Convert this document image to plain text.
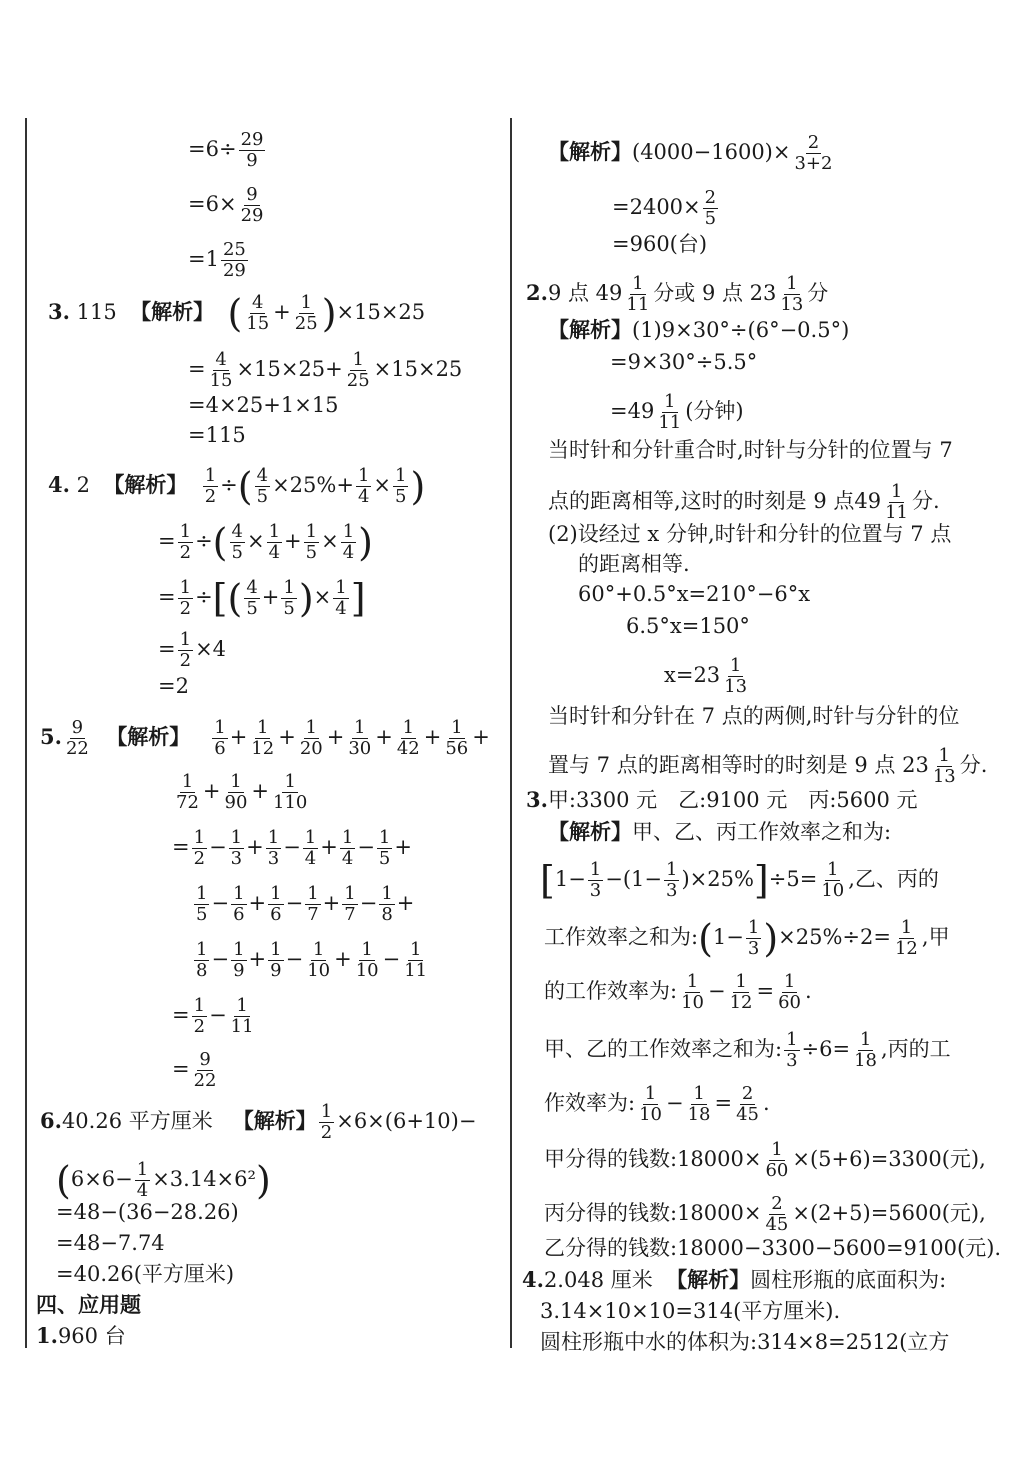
$=6\div \frac{29}{9}$
$=6\times \frac{9}{29}$
$=1 \frac{25}{29}$
3. 115 【解析】 ( $\frac{4}{15} + \frac{1}{25} )\times 15\times 25$
= $\frac{4}{15} \times 15\times 25+ \frac{1}{25} \times 15\times 25$
=4×25+1×15
=115
4. 2 【解析】 $\frac{1}{2}$ ÷( $\frac{4}{5} \times 25\%+ \frac{1}{4} \times \frac{1}{5}$ )
= $\frac{1}{2}$ ÷( $\frac{4}{5} \times \frac{1}{4} + \frac{1}{5} \times \frac{1}{4}$ )
= $\frac{1}{2}$ ÷[( $\frac{4}{5} + \frac{1}{5}$ )× $\frac{1}{4}$ ]
= $\frac{1}{2} \times 4$
=2
5. $\frac{9}{22}$ 【解析】 $\frac{1}{6} + \frac{1}{12} + \frac{1}{20} + \frac{1}{30} + \frac{1}{42} + \frac{1}{56}$ +
$\frac{1}{72} + \frac{1}{90} + \frac{1}{110}$
= $\frac{1}{2} - \frac{1}{3} + \frac{1}{3} - \frac{1}{4} + \frac{1}{4} - \frac{1}{5}$ +
$\frac{1}{5} - \frac{1}{6} + \frac{1}{6} - \frac{1}{7} + \frac{1}{7} - \frac{1}{8}$ +
$\frac{1}{8} - \frac{1}{9} + \frac{1}{9} - \frac{1}{10} + \frac{1}{10} - \frac{1}{11}$
= $\frac{1}{2} - \frac{1}{11}$
= $\frac{9}{22}$
6.40.26 平方厘米 【解析】 $\frac{1}{2} \times 6\times(6+10)-$
$(6\times 6- \frac{1}{4} \times 3.14\times 6^2)$
=48−(36−28.26)
=48−7.74
=40.26(平方厘米)
四、应用题
1.960 台
【解析】$(4000-1600)\times \frac{2}{3+2}$
$=2400\times \frac{2}{5}$
=960(台)
2.9 点 $49 \frac{1}{11}$ 分或 9 点 $23 \frac{1}{13}$ 分
【解析】(1)9×30°÷(6°−0.5°)
=9×30°÷5.5°
$=49 \frac{1}{11}$ (分钟)
当时针和分针重合时,时针与分针的位置与 7
点的距离相等,这时的时刻是 9 点$49 \frac{1}{11}$ 分.
(2)设经过 x 分钟,时针和分针的位置与 7 点
的距离相等.
60°+0.5°x=210°−6°x
6.5°x=150°
$x=23 \frac{1}{13}$
当时针和分针在 7 点的两侧,时针与分针的位
置与 7 点的距离相等时的时刻是 9 点 $23 \frac{1}{13}$ 分.
3.甲:3300 元　乙:9100 元　丙:5600 元
【解析】甲、乙、丙工作效率之和为:
$[1- \frac{1}{3} -(1- \frac{1}{3} )\times 25\%]\div 5= \frac{1}{10}$ ,乙、丙的
工作效率之和为:(1− $\frac{1}{3} )\times 25\%\div 2= \frac{1}{12}$ ,甲
的工作效率为: $\frac{1}{10} - \frac{1}{12} = \frac{1}{60}$ .
甲、乙的工作效率之和为: $\frac{1}{3} \div 6= \frac{1}{18}$ ,丙的工
作效率为: $\frac{1}{10} - \frac{1}{18} = \frac{2}{45}$ .
甲分得的钱数:18000× $\frac{1}{60} \times(5+6)=3300$(元),
丙分得的钱数:18000× $\frac{2}{45} \times(2+5)=5600$(元),
乙分得的钱数:18000−3300−5600=9100(元).
4.2.048 厘米 【解析】圆柱形瓶的底面积为:
3.14×10×10=314(平方厘米).
圆柱形瓶中水的体积为:314×8=2512(立方
